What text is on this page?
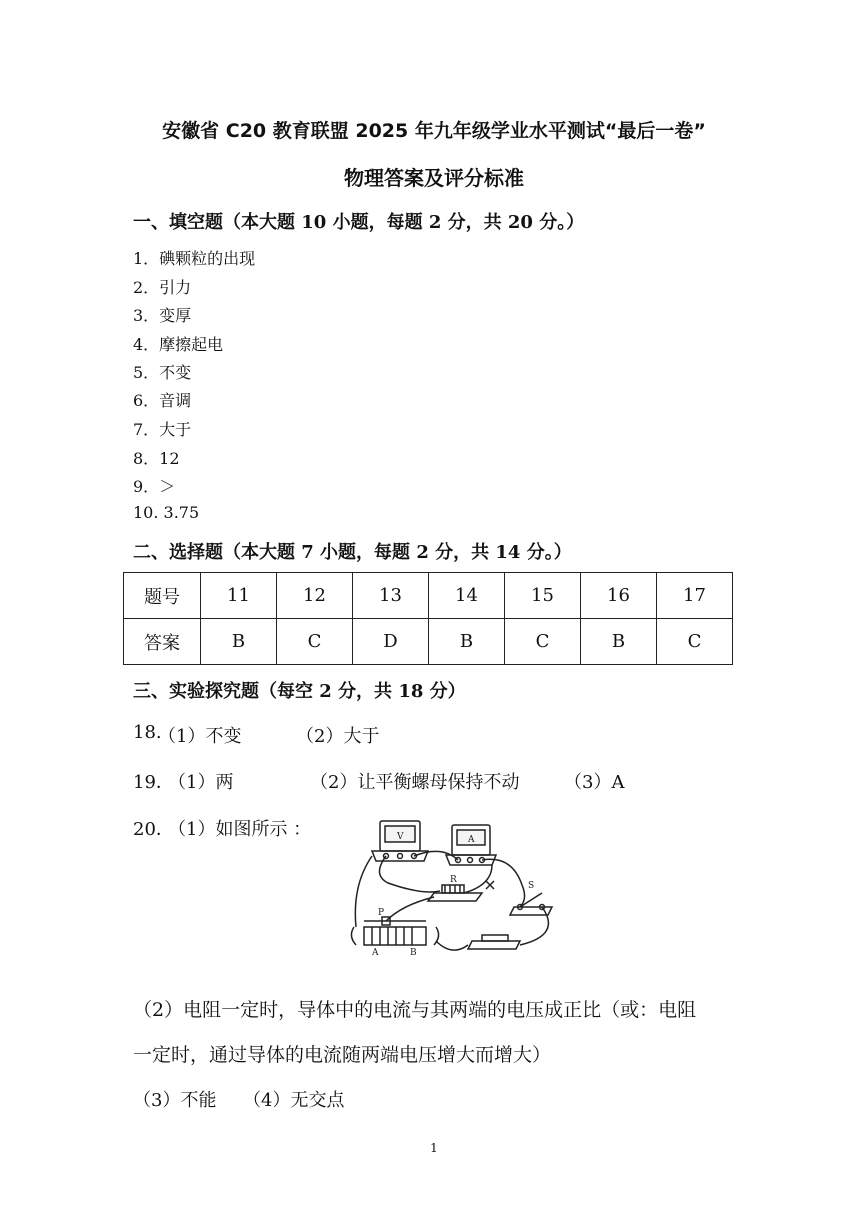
安徽省 C20 教育联盟 2025 年九年级学业水平测试“最后一卷”
物理答案及评分标准
一、填空题（本大题 10 小题，每题 2 分，共 20 分。）
1．碘颗粒的出现
2．引力
3．变厚
4．摩擦起电
5．不变
6．音调
7．大于
8．12
9．＞
10. 3.75
二、选择题（本大题 7 小题，每题 2 分，共 14 分。）
题号	11	12	13	14	15	16	17
答案	B	C	D	B	C	B	C
三、实验探究题（每空 2 分，共 18 分）
18.
（1）不变	（2）大于
19．
（1）两	（2）让平衡螺母保持不动 （3）A
20．
（1）如图所示 ：	V	A
R
S
P
A	B
（2）电阻一定时，导体中的电流与其两端的电压成正比（或：电阻
一定时，通过导体的电流随两端电压增大而增大）
（3）不能 （4）无交点
1
